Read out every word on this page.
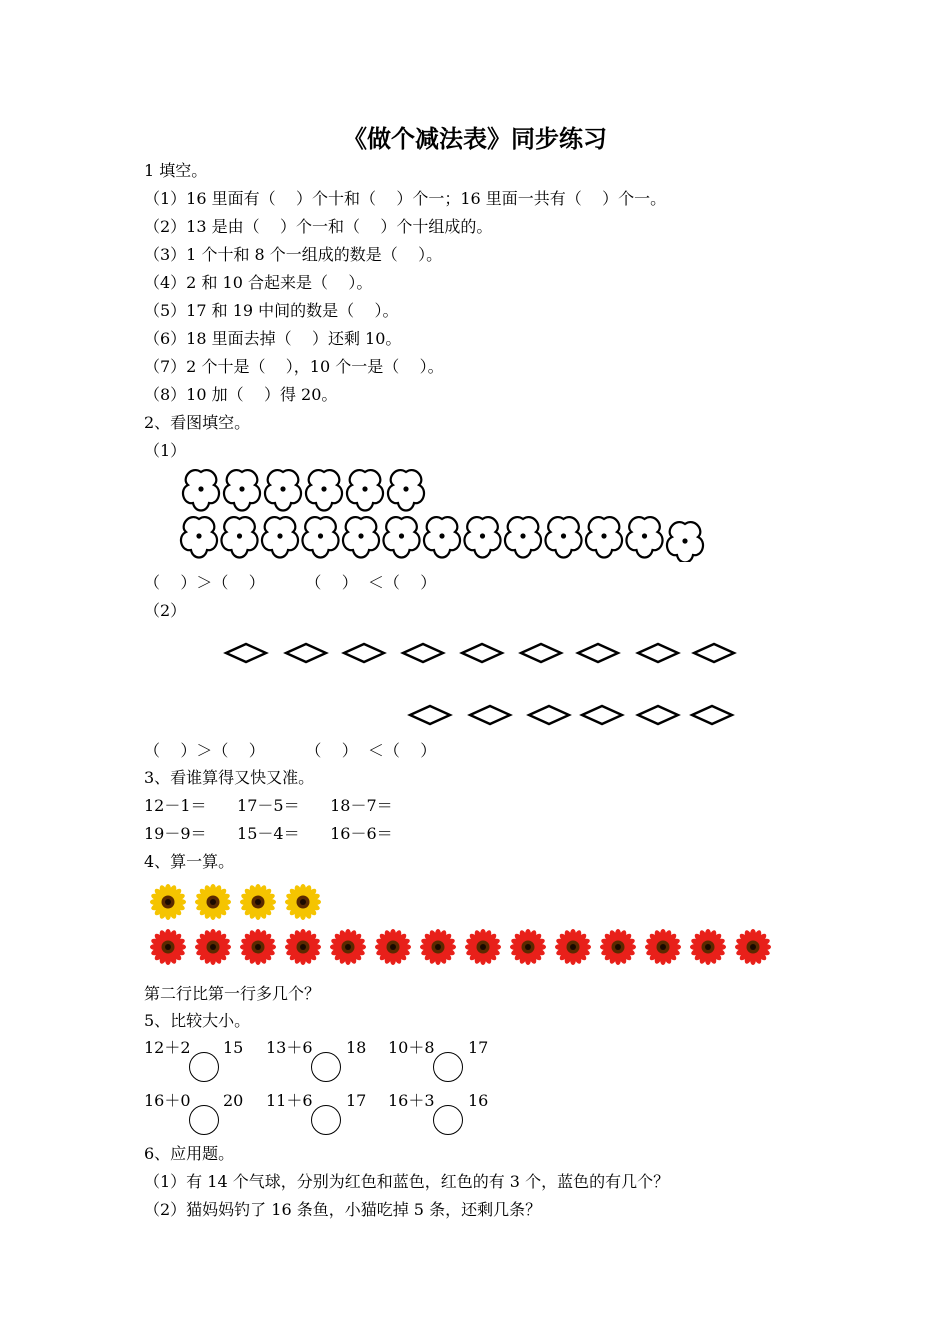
《做个减法表》同步练习
1 填空。
（1）16 里面有（    ）个十和（    ）个一；16 里面一共有（    ）个一。
（2）13 是由（    ）个一和（    ）个十组成的。
（3）1 个十和 8 个一组成的数是（    ）。
（4）2 和 10 合起来是（    ）。
（5）17 和 19 中间的数是（    ）。
（6）18 里面去掉（    ）还剩 10。
（7）2 个十是（    ），10 个一是（    ）。
（8）10 加（    ）得 20。
2、看图填空。
（1）
（    ）＞（    ）        （    ）  ＜（    ）
（2）
（    ）＞（    ）        （    ）  ＜（    ）
3、看谁算得又快又准。
12－1＝      17－5＝      18－7＝
19－9＝      15－4＝      16－6＝
4、算一算。
第二行比第一行多几个？
5、比较大小。
12＋2 15 13＋6 18 10＋8 17
16＋0 20 11＋6 17 16＋3 16
6、应用题。
（1）有 14 个气球，分别为红色和蓝色，红色的有 3 个，蓝色的有几个？
（2）猫妈妈钓了 16 条鱼，小猫吃掉 5 条，还剩几条？
